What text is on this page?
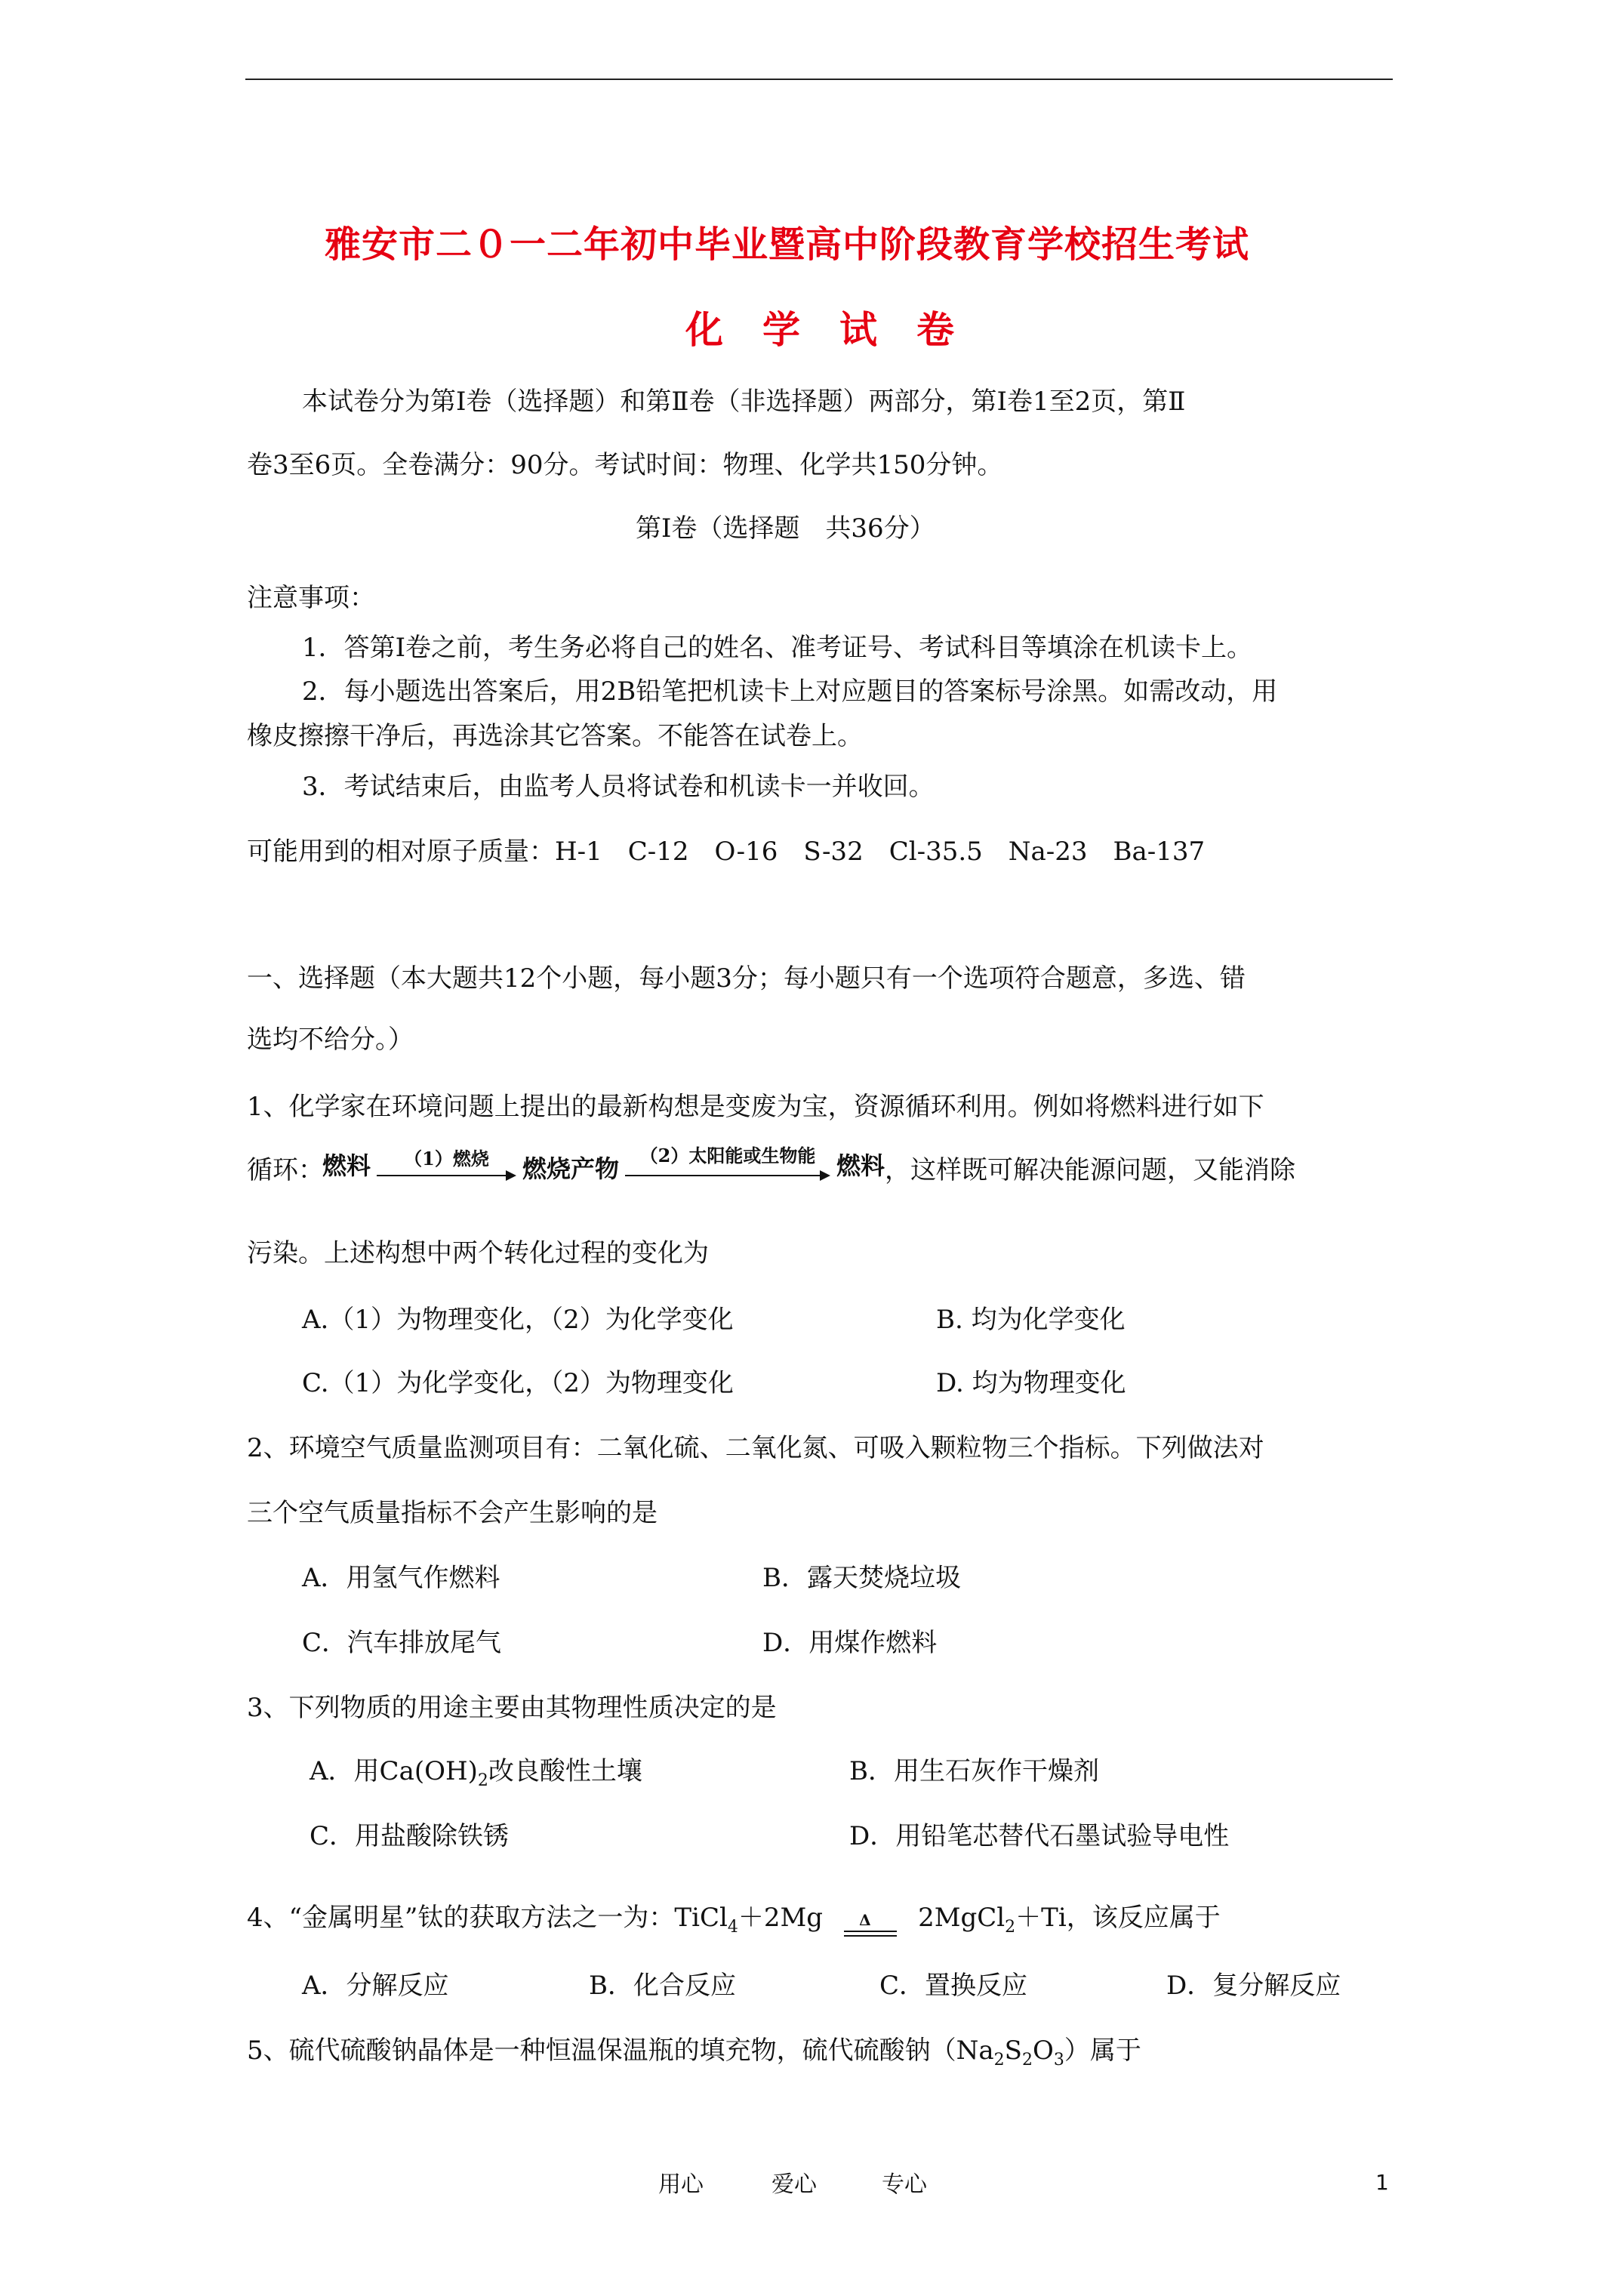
雅安市二０一二年初中毕业暨高中阶段教育学校招生考试
化 学 试 卷
本试卷分为第Ⅰ卷（选择题）和第Ⅱ卷（非选择题）两部分，第Ⅰ卷1至2页，第Ⅱ
卷3至6页。全卷满分：90分。考试时间：物理、化学共150分钟。
第Ⅰ卷（选择题　共36分）
注意事项：
1．答第Ⅰ卷之前，考生务必将自己的姓名、准考证号、考试科目等填涂在机读卡上。
2．每小题选出答案后，用2B铅笔把机读卡上对应题目的答案标号涂黑。如需改动，用
橡皮擦擦干净后，再选涂其它答案。不能答在试卷上。
3．考试结束后，由监考人员将试卷和机读卡一并收回。
可能用到的相对原子质量：H-1　C-12　O-16　S-32　Cl-35.5　Na-23　Ba-137
一、选择题（本大题共12个小题，每小题3分；每小题只有一个选项符合题意，多选、错
选均不给分。）
1、化学家在环境问题上提出的最新构想是变废为宝，资源循环利用。例如将燃料进行如下
循环：
燃料	（1）燃烧	燃烧产物	（2）太阳能或生物能 燃料 ，这样既可解决能源问题，又能消除
污染。上述构想中两个转化过程的变化为
A.（1）为物理变化，（2）为化学变化	B. 均为化学变化
C.（1）为化学变化，（2）为物理变化	D. 均为物理变化
2、环境空气质量监测项目有：二氧化硫、二氧化氮、可吸入颗粒物三个指标。下列做法对
三个空气质量指标不会产生影响的是
A．用氢气作燃料	B．露天焚烧垃圾
C．汽车排放尾气	D．用煤作燃料
3、下列物质的用途主要由其物理性质决定的是
A．用$Ca(OH)_2$改良酸性土壤	B．用生石灰作干燥剂
C．用盐酸除铁锈	D．用铅笔芯替代石墨试验导电性
4、“金属明星”钛的获取方法之一为：TiCl$_4$＋2Mg Δ 2MgCl$_2$＋Ti，该反应属于
A．分解反应	B．化合反应	C．置换反应	D．复分解反应
5、硫代硫酸钠晶体是一种恒温保温瓶的填充物，硫代硫酸钠$(Na_2S_2O_3)$属于
用心	爱心	专心	1
